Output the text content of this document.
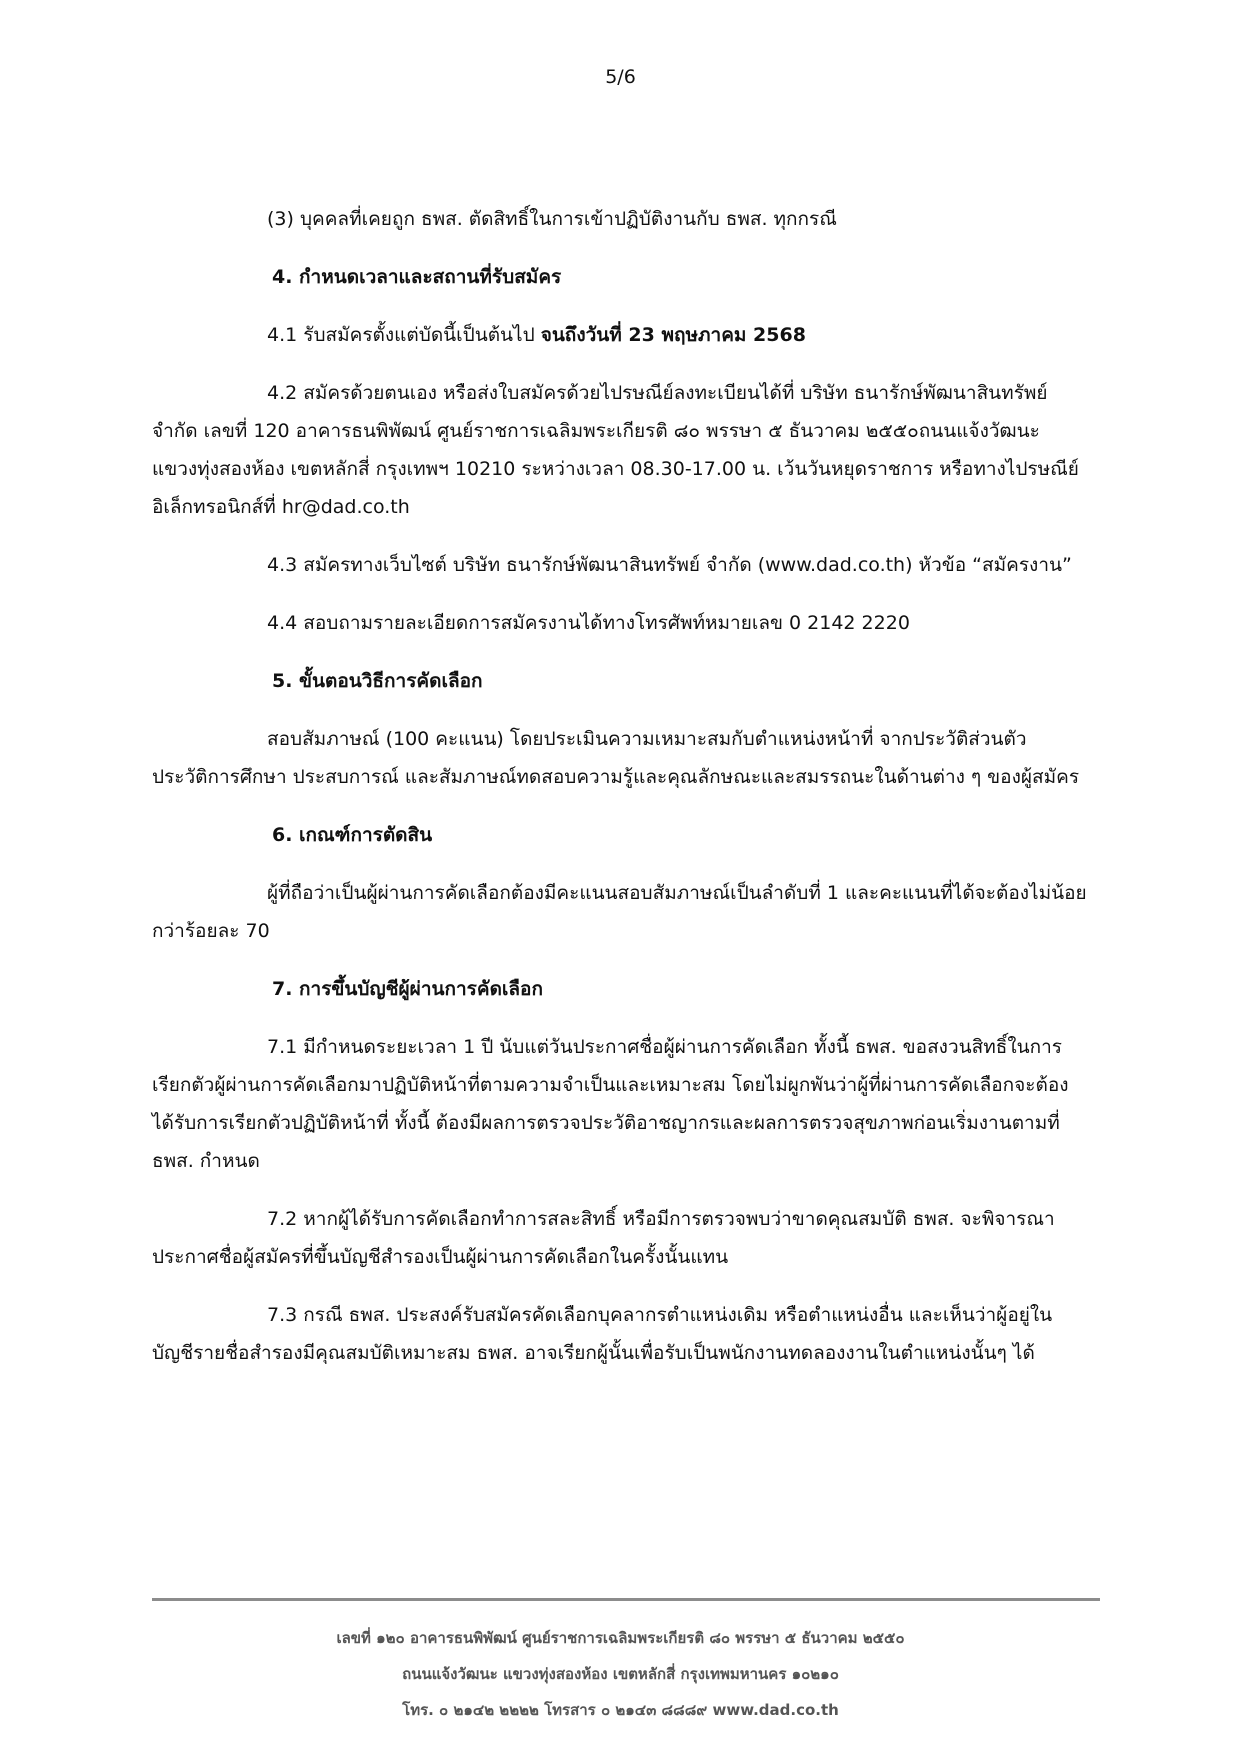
5/6

(3) บุคคลที่เคยถูก ธพส. ตัดสิทธิ์ในการเข้าปฏิบัติงานกับ ธพส. ทุกกรณี

4. กำหนดเวลาและสถานที่รับสมัคร

4.1 รับสมัครตั้งแต่บัดนี้เป็นต้นไป จนถึงวันที่ 23 พฤษภาคม 2568

4.2 สมัครด้วยตนเอง หรือส่งใบสมัครด้วยไปรษณีย์ลงทะเบียนได้ที่ บริษัท ธนารักษ์พัฒนาสินทรัพย์ จำกัด เลขที่ 120 อาคารธนพิพัฒน์ ศูนย์ราชการเฉลิมพระเกียรติ ๘๐ พรรษา ๕ ธันวาคม ๒๕๕๐ถนนแจ้งวัฒนะ แขวงทุ่งสองห้อง เขตหลักสี่ กรุงเทพฯ 10210 ระหว่างเวลา 08.30-17.00 น. เว้นวันหยุดราชการ หรือทางไปรษณีย์อิเล็กทรอนิกส์ที่ hr@dad.co.th

4.3 สมัครทางเว็บไซต์ บริษัท ธนารักษ์พัฒนาสินทรัพย์ จำกัด (www.dad.co.th) หัวข้อ “สมัครงาน”

4.4 สอบถามรายละเอียดการสมัครงานได้ทางโทรศัพท์หมายเลข 0 2142 2220

5. ขั้นตอนวิธีการคัดเลือก

สอบสัมภาษณ์ (100 คะแนน) โดยประเมินความเหมาะสมกับตำแหน่งหน้าที่ จากประวัติส่วนตัว ประวัติการศึกษา ประสบการณ์ และสัมภาษณ์ทดสอบความรู้และคุณลักษณะและสมรรถนะในด้านต่าง ๆ ของผู้สมัคร

6. เกณฑ์การตัดสิน

ผู้ที่ถือว่าเป็นผู้ผ่านการคัดเลือกต้องมีคะแนนสอบสัมภาษณ์เป็นลำดับที่ 1 และคะแนนที่ได้จะต้องไม่น้อยกว่าร้อยละ 70

7. การขึ้นบัญชีผู้ผ่านการคัดเลือก

7.1 มีกำหนดระยะเวลา 1 ปี นับแต่วันประกาศชื่อผู้ผ่านการคัดเลือก ทั้งนี้ ธพส. ขอสงวนสิทธิ์ในการเรียกตัวผู้ผ่านการคัดเลือกมาปฏิบัติหน้าที่ตามความจำเป็นและเหมาะสม โดยไม่ผูกพันว่าผู้ที่ผ่านการคัดเลือกจะต้องได้รับการเรียกตัวปฏิบัติหน้าที่ ทั้งนี้ ต้องมีผลการตรวจประวัติอาชญากรและผลการตรวจสุขภาพก่อนเริ่มงานตามที่ ธพส. กำหนด

7.2 หากผู้ได้รับการคัดเลือกทำการสละสิทธิ์ หรือมีการตรวจพบว่าขาดคุณสมบัติ ธพส. จะพิจารณาประกาศชื่อผู้สมัครที่ขึ้นบัญชีสำรองเป็นผู้ผ่านการคัดเลือกในครั้งนั้นแทน

7.3 กรณี ธพส. ประสงค์รับสมัครคัดเลือกบุคลากรตำแหน่งเดิม หรือตำแหน่งอื่น และเห็นว่าผู้อยู่ในบัญชีรายชื่อสำรองมีคุณสมบัติเหมาะสม ธพส. อาจเรียกผู้นั้นเพื่อรับเป็นพนักงานทดลองงานในตำแหน่งนั้นๆ ได้

เลขที่ ๑๒๐ อาคารธนพิพัฒน์ ศูนย์ราชการเฉลิมพระเกียรติ ๘๐ พรรษา ๕ ธันวาคม ๒๕๕๐
ถนนแจ้งวัฒนะ แขวงทุ่งสองห้อง เขตหลักสี่ กรุงเทพมหานคร ๑๐๒๑๐
โทร. ๐ ๒๑๔๒ ๒๒๒๒ โทรสาร ๐ ๒๑๔๓ ๘๘๘๙ www.dad.co.th
